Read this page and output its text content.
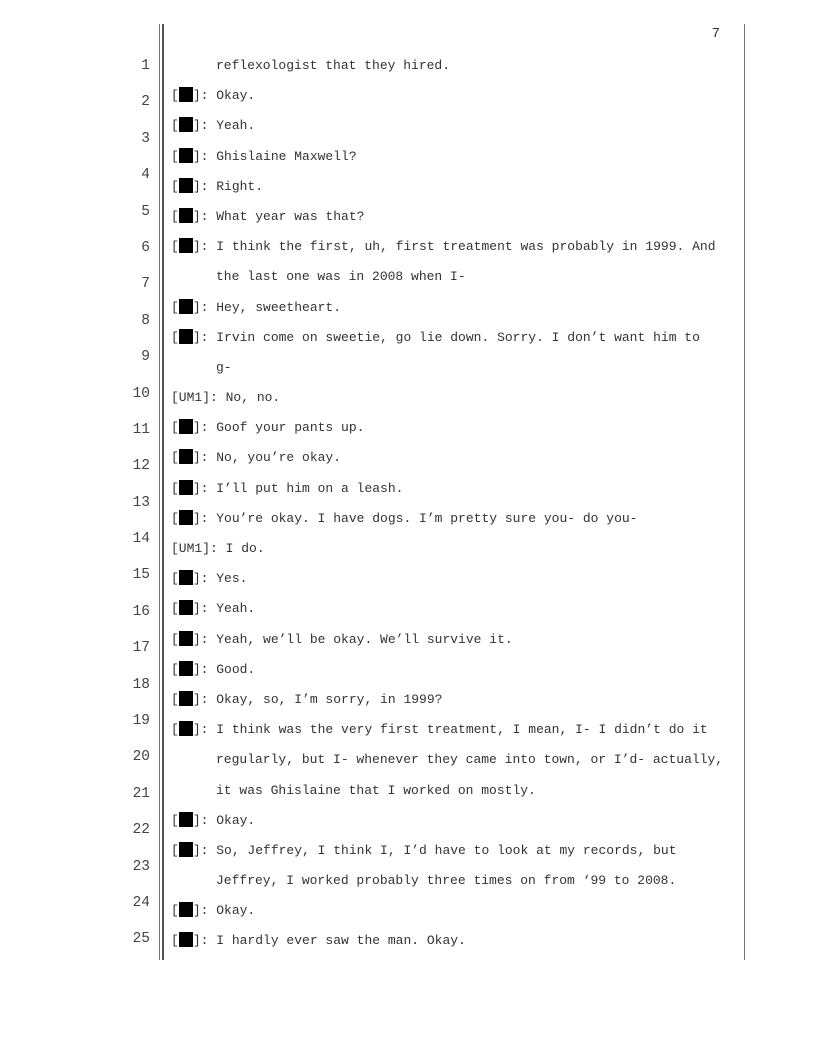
7
1
2
3
4
5
6
7
8
9
10
11
12
13
14
15
16
17
18
19
20
21
22
23
24
25
reflexologist that they hired.
[ ]: Okay.
[ ]: Yeah.
[ ]: Ghislaine Maxwell?
[ ]: Right.
[ ]: What year was that?
[ ]: I think the first, uh, first treatment was probably in 1999. And
the last one was in 2008 when I-
[ ]: Hey, sweetheart.
[ ]: Irvin come on sweetie, go lie down. Sorry. I don’t want him to
g-
[UM1]: No, no.
[ ]: Goof your pants up.
[ ]: No, you’re okay.
[ ]: I’ll put him on a leash.
[ ]: You’re okay. I have dogs. I’m pretty sure you- do you-
[UM1]: I do.
[ ]: Yes.
[ ]: Yeah.
[ ]: Yeah, we’ll be okay. We’ll survive it.
[ ]: Good.
[ ]: Okay, so, I’m sorry, in 1999?
[ ]: I think was the very first treatment, I mean, I- I didn’t do it
regularly, but I- whenever they came into town, or I’d- actually,
it was Ghislaine that I worked on mostly.
[ ]: Okay.
[ ]: So, Jeffrey, I think I, I’d have to look at my records, but
Jeffrey, I worked probably three times on from ‘99 to 2008.
[ ]: Okay.
[ ]: I hardly ever saw the man. Okay.
